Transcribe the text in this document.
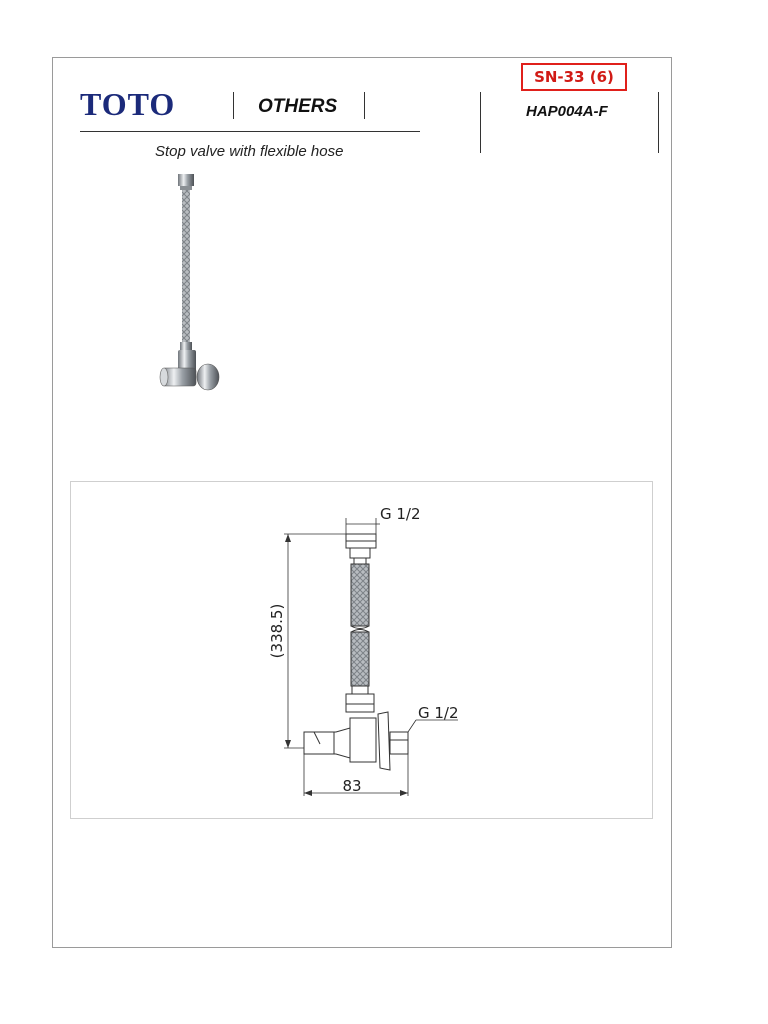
TOTO	OTHERS
Stop valve with flexible hose
SN-33 (6)
HAP004A-F
G 1/2
G 1/2
83
(338.5)
